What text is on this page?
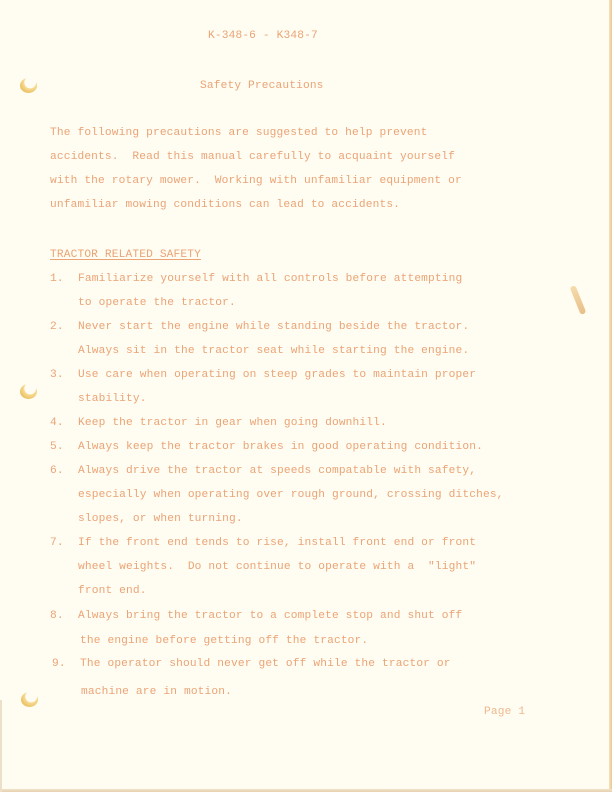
K-348-6 - K348-7
Safety Precautions
The following precautions are suggested to help prevent
accidents.  Read this manual carefully to acquaint yourself
with the rotary mower.  Working with unfamiliar equipment or
unfamiliar mowing conditions can lead to accidents.
TRACTOR RELATED SAFETY
1. Familiarize yourself with all controls before attempting
to operate the tractor.
2. Never start the engine while standing beside the tractor.
Always sit in the tractor seat while starting the engine.
3. Use care when operating on steep grades to maintain proper
stability.
4. Keep the tractor in gear when going downhill.
5. Always keep the tractor brakes in good operating condition.
6. Always drive the tractor at speeds compatable with safety,
especially when operating over rough ground, crossing ditches,
slopes, or when turning.
7. If the front end tends to rise, install front end or front
wheel weights.  Do not continue to operate with a  "light"
front end.
8. Always bring the tractor to a complete stop and shut off
the engine before getting off the tractor.
9. The operator should never get off while the tractor or
machine are in motion.
Page 1
